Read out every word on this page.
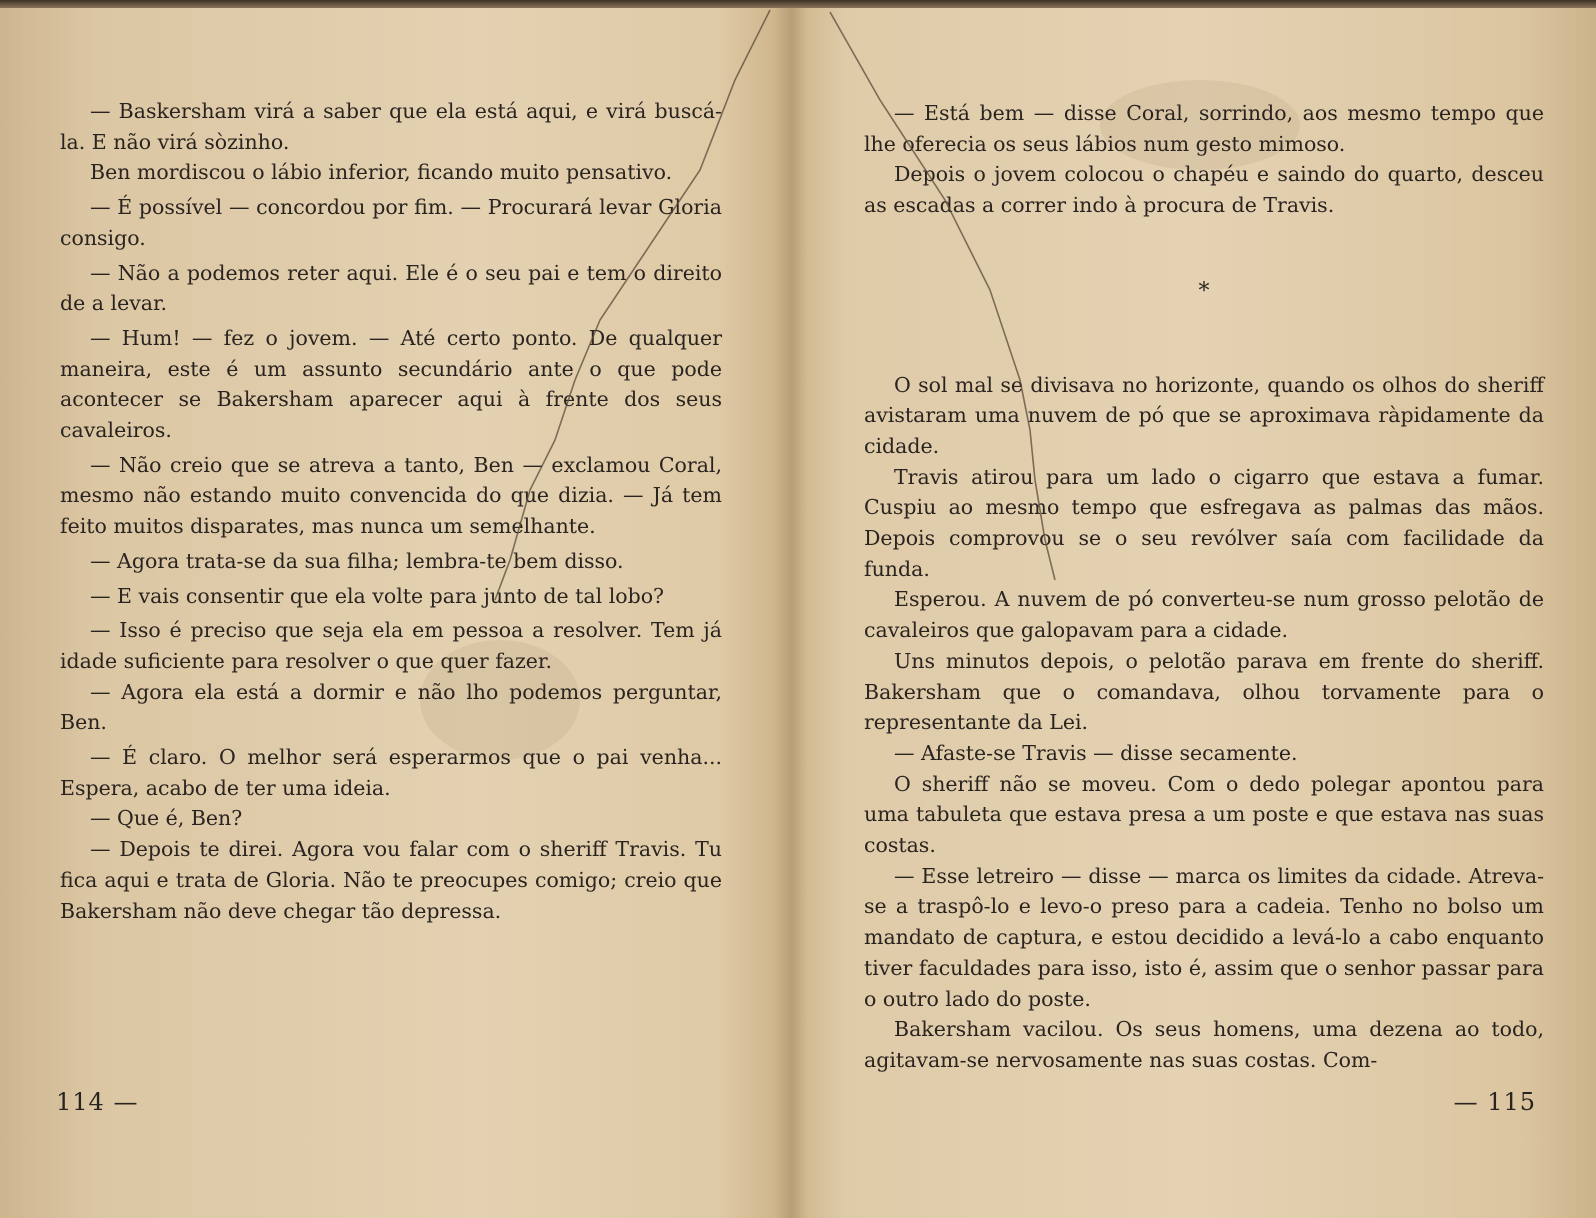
— Baskersham virá a saber que ela está aqui, e virá buscá-la. E não virá sòzinho.

Ben mordiscou o lábio inferior, ficando muito pensativo.

— É possível — concordou por fim. — Procurará levar Gloria consigo.

— Não a podemos reter aqui. Ele é o seu pai e tem o direito de a levar.

— Hum! — fez o jovem. — Até certo ponto. De qualquer maneira, este é um assunto secundário ante o que pode acontecer se Bakersham aparecer aqui à frente dos seus cavaleiros.

— Não creio que se atreva a tanto, Ben — exclamou Coral, mesmo não estando muito convencida do que dizia. — Já tem feito muitos disparates, mas nunca um semelhante.

— Agora trata-se da sua filha; lembra-te bem disso.

— E vais consentir que ela volte para junto de tal lobo?

— Isso é preciso que seja ela em pessoa a resolver. Tem já idade suficiente para resolver o que quer fazer.

— Agora ela está a dormir e não lho podemos perguntar, Ben.

— É claro. O melhor será esperarmos que o pai venha... Espera, acabo de ter uma ideia.

— Que é, Ben?

— Depois te direi. Agora vou falar com o sheriff Travis. Tu fica aqui e trata de Gloria. Não te preocupes comigo; creio que Bakersham não deve chegar tão depressa.

114 —

— Está bem — disse Coral, sorrindo, aos mesmo tempo que lhe oferecia os seus lábios num gesto mimoso.

Depois o jovem colocou o chapéu e saindo do quarto, desceu as escadas a correr indo à procura de Travis.

*

O sol mal se divisava no horizonte, quando os olhos do sheriff avistaram uma nuvem de pó que se aproximava ràpidamente da cidade.

Travis atirou para um lado o cigarro que estava a fumar. Cuspiu ao mesmo tempo que esfregava as palmas das mãos. Depois comprovou se o seu revólver saía com facilidade da funda.

Esperou. A nuvem de pó converteu-se num grosso pelotão de cavaleiros que galopavam para a cidade.

Uns minutos depois, o pelotão parava em frente do sheriff. Bakersham que o comandava, olhou torvamente para o representante da Lei.

— Afaste-se Travis — disse secamente.

O sheriff não se moveu. Com o dedo polegar apontou para uma tabuleta que estava presa a um poste e que estava nas suas costas.

— Esse letreiro — disse — marca os limites da cidade. Atreva-se a traspô-lo e levo-o preso para a cadeia. Tenho no bolso um mandato de captura, e estou decidido a levá-lo a cabo enquanto tiver faculdades para isso, isto é, assim que o senhor passar para o outro lado do poste.

Bakersham vacilou. Os seus homens, uma dezena ao todo, agitavam-se nervosamente nas suas costas. Com-

— 115
